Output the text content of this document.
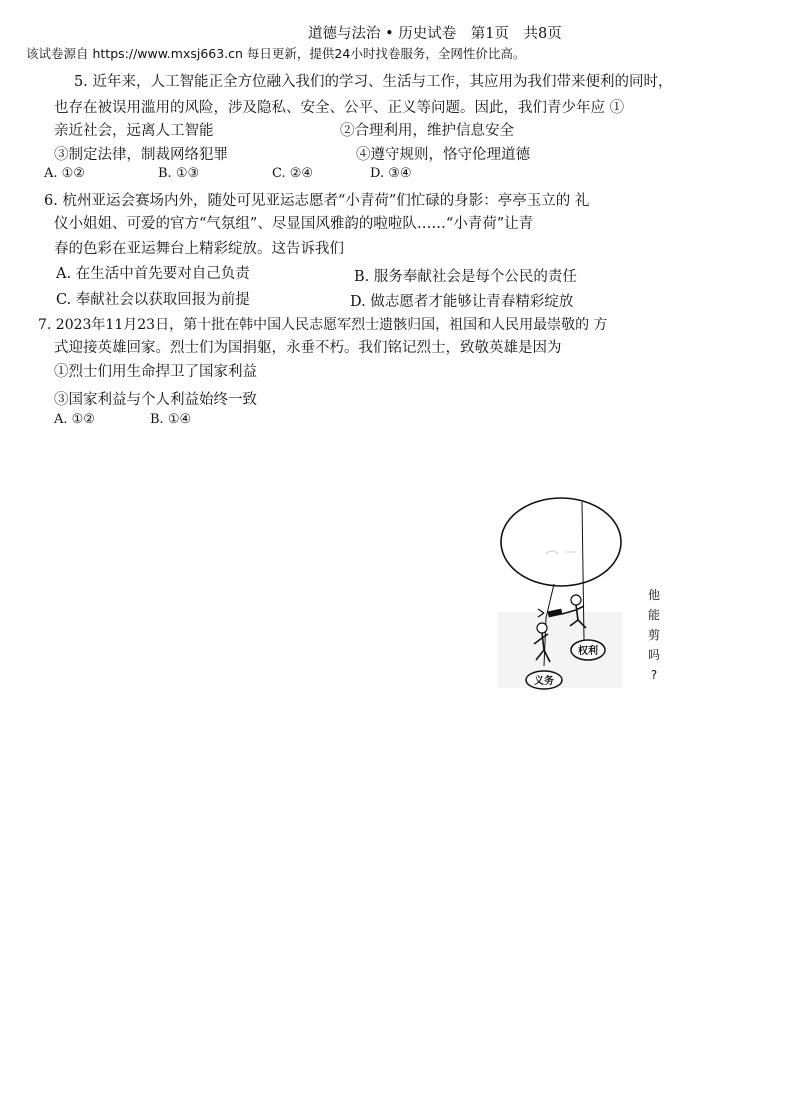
道德与法治 • 历史试卷　第1页　共8页
该试卷源自 https://www.mxsj663.cn 每日更新，提供24小时找卷服务，全网性价比高。
5. 近年来，人工智能正全方位融入我们的学习、生活与工作，其应用为我们带来便利的同时，
也存在被误用滥用的风险，涉及隐私、安全、公平、正义等问题。因此，我们青少年应 ①
亲近社会，远离人工智能	②合理利用，维护信息安全
③制定法律，制裁网络犯罪	④遵守规则，恪守伦理道德
A. ①②	B. ①③	C. ②④	D. ③④
6. 杭州亚运会赛场内外，随处可见亚运志愿者“小青荷”们忙碌的身影：亭亭玉立的 礼
仪小姐姐、可爱的官方“气氛组”、尽显国风雅韵的啦啦队……“小青荷”让青
春的色彩在亚运舞台上精彩绽放。这告诉我们
A. 在生活中首先要对自己负责	B. 服务奉献社会是每个公民的责任
C. 奉献社会以获取回报为前提	D. 做志愿者才能够让青春精彩绽放
7. 2023年11月23日，第十批在韩中国人民志愿军烈士遗骸归国，祖国和人民用最崇敬的 方
式迎接英雄回家。烈士们为国捐躯，永垂不朽。我们铭记烈士，致敬英雄是因为
①烈士们用生命捍卫了国家利益
③国家利益与个人利益始终一致
A. ①②	B. ①④
权利
义务
他
能
剪
吗
?
